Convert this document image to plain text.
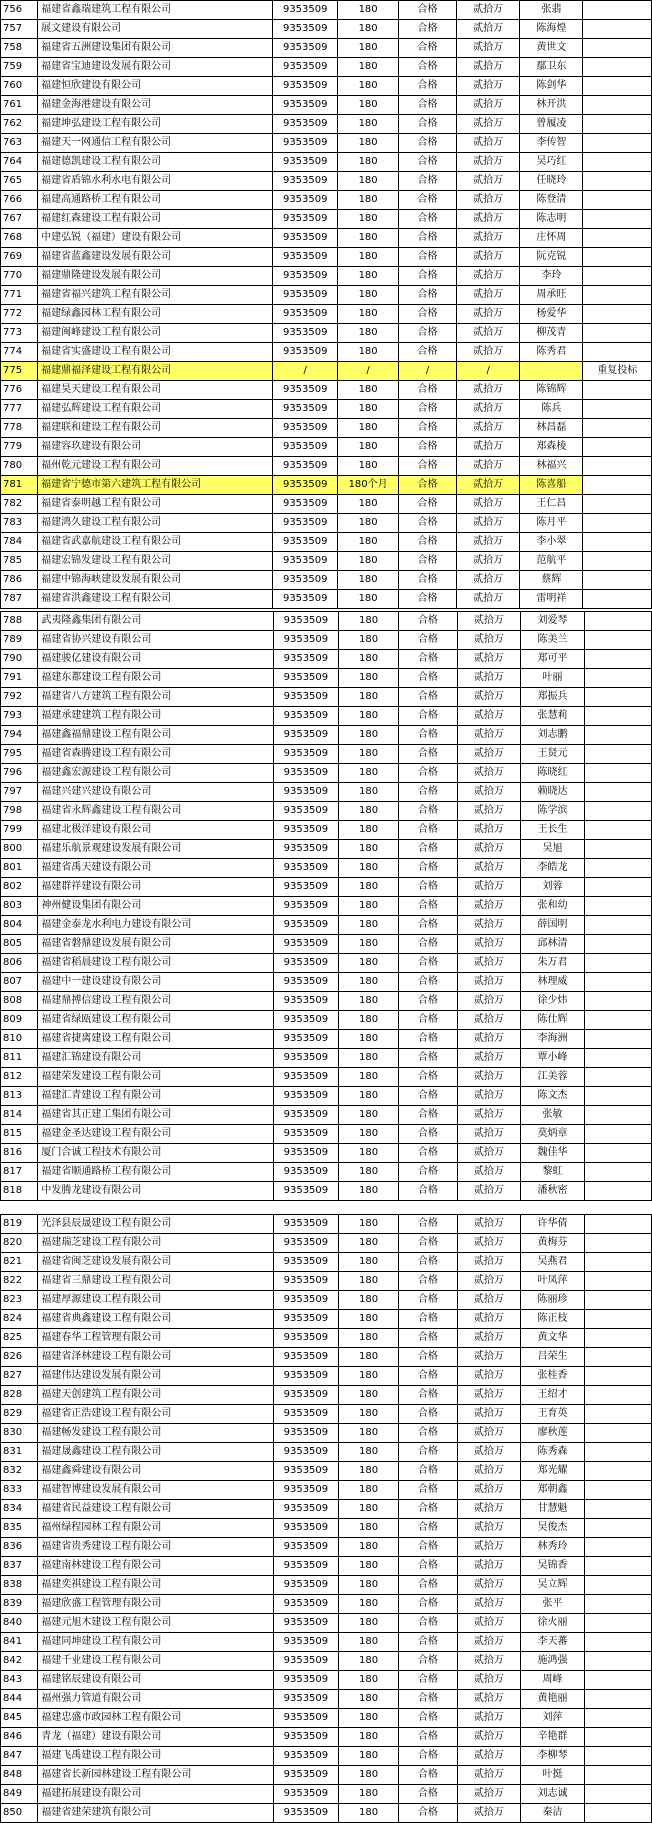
756	福建省鑫瑞建筑工程有限公司	9353509	180	合格	贰拾万	张翡	
757	展文建设有限公司	9353509	180	合格	贰拾万	陈海煌	
758	福建省五洲建设集团有限公司	9353509	180	合格	贰拾万	黄世文	
759	福建省宝迪建设发展有限公司	9353509	180	合格	贰拾万	鄢卫东	
760	福建恒欣建设有限公司	9353509	180	合格	贰拾万	陈剑华	
761	福建金海港建设有限公司	9353509	180	合格	贰拾万	林开洪	
762	福建坤弘建设工程有限公司	9353509	180	合格	贰拾万	曾履凌	
763	福建天一网通信工程有限公司	9353509	180	合格	贰拾万	李传智	
764	福建德凯建设工程有限公司	9353509	180	合格	贰拾万	吴巧红	
765	福建省盾锦水利水电有限公司	9353509	180	合格	贰拾万	任晓玲	
766	福建高通路桥工程有限公司	9353509	180	合格	贰拾万	陈登清	
767	福建红森建设工程有限公司	9353509	180	合格	贰拾万	陈志明	
768	中建弘锐（福建）建设有限公司	9353509	180	合格	贰拾万	庄怀周	
769	福建省蓝鑫建设发展有限公司	9353509	180	合格	贰拾万	阮克锐	
770	福建鼎隆建设发展有限公司	9353509	180	合格	贰拾万	李玲	
771	福建省福兴建筑工程有限公司	9353509	180	合格	贰拾万	周承旺	
772	福建绿鑫园林工程有限公司	9353509	180	合格	贰拾万	杨爱华	
773	福建闽峰建设工程有限公司	9353509	180	合格	贰拾万	柳茂青	
774	福建省实盛建设工程有限公司	9353509	180	合格	贰拾万	陈秀君	
775	福建鼎福泽建设工程有限公司	/	/	/	/		重复投标
776	福建昊天建设工程有限公司	9353509	180	合格	贰拾万	陈锦辉	
777	福建弘辉建设工程有限公司	9353509	180	合格	贰拾万	陈兵	
778	福建联和建设工程有限公司	9353509	180	合格	贰拾万	林昌磊	
779	福建容玖建设有限公司	9353509	180	合格	贰拾万	郑森棱	
780	福州乾元建设工程有限公司	9353509	180	合格	贰拾万	林福兴	
781	福建省宁德市第六建筑工程有限公司	9353509	180个月	合格	贰拾万	陈喜船	
782	福建省泰明越工程有限公司	9353509	180	合格	贰拾万	王仁昌	
783	福建鸿久建设工程有限公司	9353509	180	合格	贰拾万	陈月平	
784	福建省武嘉航建设工程有限公司	9353509	180	合格	贰拾万	李小翠	
785	福建宏锦发建设工程有限公司	9353509	180	合格	贰拾万	范航平	
786	福建中锦海峡建设发展有限公司	9353509	180	合格	贰拾万	蔡辉	
787	福建省洪鑫建设工程有限公司	9353509	180	合格	贰拾万	雷明祥	
788	武夷隆鑫集团有限公司	9353509	180	合格	贰拾万	刘爱琴	
789	福建省协兴建设有限公司	9353509	180	合格	贰拾万	陈美兰	
790	福建骏亿建设有限公司	9353509	180	合格	贰拾万	郑可平	
791	福建东都建设工程有限公司	9353509	180	合格	贰拾万	叶丽	
792	福建省八方建筑工程有限公司	9353509	180	合格	贰拾万	郑振兵	
793	福建承建建筑工程有限公司	9353509	180	合格	贰拾万	张慧莉	
794	福建鑫福鼎建设工程有限公司	9353509	180	合格	贰拾万	刘志鹏	
795	福建省森腾建设工程有限公司	9353509	180	合格	贰拾万	王贤元	
796	福建鑫宏源建设工程有限公司	9353509	180	合格	贰拾万	陈晓红	
797	福建兴建兴建设有限公司	9353509	180	合格	贰拾万	赖晓达	
798	福建省永辉鑫建设工程有限公司	9353509	180	合格	贰拾万	陈学滨	
799	福建北极洋建设有限公司	9353509	180	合格	贰拾万	王长生	
800	福建乐航景观建设发展有限公司	9353509	180	合格	贰拾万	吴旭	
801	福建省禹天建设有限公司	9353509	180	合格	贰拾万	李皓龙	
802	福建群祥建设有限公司	9353509	180	合格	贰拾万	刘蓉	
803	神州健设集团有限公司	9353509	180	合格	贰拾万	张和幼	
804	福建金泰龙水利电力建设有限公司	9353509	180	合格	贰拾万	薛国明	
805	福建省磐鼎建设发展有限公司	9353509	180	合格	贰拾万	邱林清	
806	福建省稻晨建设工程有限公司	9353509	180	合格	贰拾万	朱万君	
807	福建中一建设建设有限公司	9353509	180	合格	贰拾万	林理威	
808	福建鼎搏信建设工程有限公司	9353509	180	合格	贰拾万	徐少炜	
809	福建省绿瓯建设工程有限公司	9353509	180	合格	贰拾万	陈仕辉	
810	福建省捷离建设工程有限公司	9353509	180	合格	贰拾万	李海洲	
811	福建汇锦建设有限公司	9353509	180	合格	贰拾万	覃小峰	
812	福建荣发建设工程有限公司	9353509	180	合格	贰拾万	江美蓉	
813	福建汇青建设工程有限公司	9353509	180	合格	贰拾万	陈文杰	
814	福建省其正建工集团有限公司	9353509	180	合格	贰拾万	张敏	
815	福建金圣达建设工程有限公司	9353509	180	合格	贰拾万	莫炳章	
816	厦门合诚工程技术有限公司	9353509	180	合格	贰拾万	魏佳华	
817	福建省顺通路桥工程有限公司	9353509	180	合格	贰拾万	黎虹	
818	中发腾龙建设有限公司	9353509	180	合格	贰拾万	潘秋密	
819	光泽县辰晟建设工程有限公司	9353509	180	合格	贰拾万	许华倩	
820	福建瑞芝建设工程有限公司	9353509	180	合格	贰拾万	黄梅芬	
821	福建省闽芝建设发展有限公司	9353509	180	合格	贰拾万	吴燕君	
822	福建省三鼎建设工程有限公司	9353509	180	合格	贰拾万	叶凤萍	
823	福建厚源建设工程有限公司	9353509	180	合格	贰拾万	陈丽珍	
824	福建省典鑫建设工程有限公司	9353509	180	合格	贰拾万	陈正枝	
825	福建春华工程管理有限公司	9353509	180	合格	贰拾万	黄文华	
826	福建省泽林建设工程有限公司	9353509	180	合格	贰拾万	吕荣生	
827	福建伟达建设发展有限公司	9353509	180	合格	贰拾万	张桂香	
828	福建天创建筑工程有限公司	9353509	180	合格	贰拾万	王绍才	
829	福建省正浩建设工程有限公司	9353509	180	合格	贰拾万	王育英	
830	福建畅发建设工程有限公司	9353509	180	合格	贰拾万	廖秋莲	
831	福建晟鑫建设工程有限公司	9353509	180	合格	贰拾万	陈秀森	
832	福建鑫舜建设有限公司	9353509	180	合格	贰拾万	郑光耀	
833	福建智博建设发展有限公司	9353509	180	合格	贰拾万	郑朝鑫	
834	福建省民益建设工程有限公司	9353509	180	合格	贰拾万	甘慧魁	
835	福州绿程园林工程有限公司	9353509	180	合格	贰拾万	吴俊杰	
836	福建省贵秀建设工程有限公司	9353509	180	合格	贰拾万	林秀玲	
837	福建南林建设工程有限公司	9353509	180	合格	贰拾万	吴锦香	
838	福建奕祺建设工程有限公司	9353509	180	合格	贰拾万	吴立辉	
839	福建欣盛工程管理有限公司	9353509	180	合格	贰拾万	张平	
840	福建元旭木建设工程有限公司	9353509	180	合格	贰拾万	徐火丽	
841	福建同坤建设工程有限公司	9353509	180	合格	贰拾万	李天蕃	
842	福建千业建设工程有限公司	9353509	180	合格	贰拾万	施鸿强	
843	福建铭辰建设有限公司	9353509	180	合格	贰拾万	周峰	
844	福州强力管道有限公司	9353509	180	合格	贰拾万	黄艳丽	
845	福建忠盛市政园林工程有限公司	9353509	180	合格	贰拾万	刘萍	
846	青龙（福建）建设有限公司	9353509	180	合格	贰拾万	辛艳群	
847	福建飞禹建设工程有限公司	9353509	180	合格	贰拾万	李柳琴	
848	福建省长新园林建设工程有限公司	9353509	180	合格	贰拾万	叶挺	
849	福建拓展建设有限公司	9353509	180	合格	贰拾万	刘志诚	
850	福建省建荣建筑有限公司	9353509	180	合格	贰拾万	秦洁	
